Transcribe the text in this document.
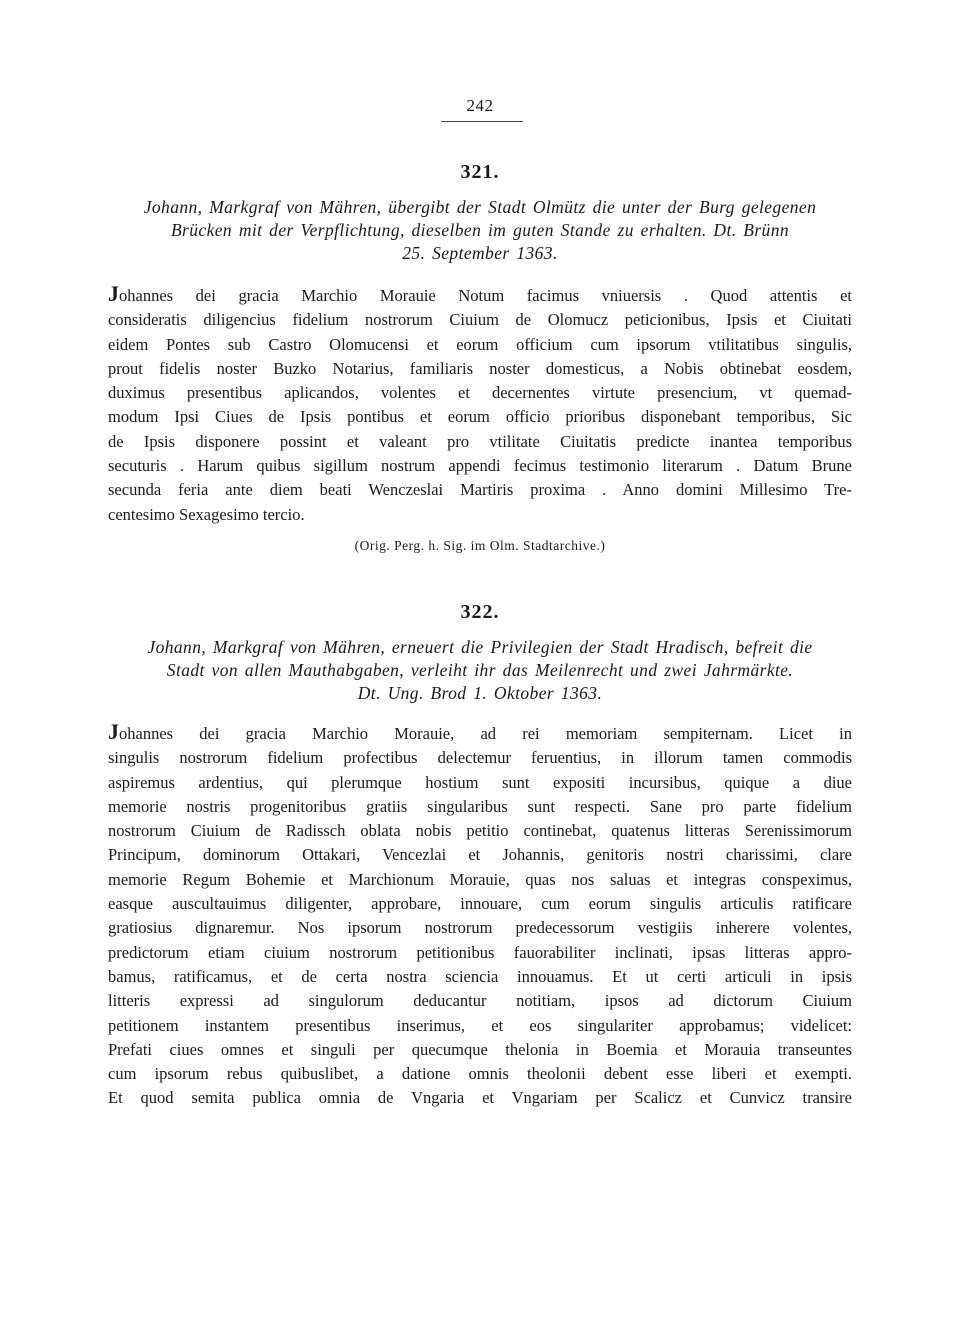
242
321.
Johann, Markgraf von Mähren, übergibt der Stadt Olmütz die unter der Burg gelegenen
Brücken mit der Verpflichtung, dieselben im guten Stande zu erhalten. Dt. Brünn
25. September 1363.
Johannes dei gracia Marchio Morauie Notum facimus vniuersis . Quod attentis et
consideratis diligencius fidelium nostrorum Ciuium de Olomucz peticionibus, Ipsis et Ciuitati
eidem Pontes sub Castro Olomucensi et eorum officium cum ipsorum vtilitatibus singulis,
prout fidelis noster Buzko Notarius, familiaris noster domesticus, a Nobis obtinebat eosdem,
duximus presentibus aplicandos, volentes et decernentes virtute presencium, vt quemad-
modum Ipsi Ciues de Ipsis pontibus et eorum officio prioribus disponebant temporibus, Sic
de Ipsis disponere possint et valeant pro vtilitate Ciuitatis predicte inantea temporibus
secuturis . Harum quibus sigillum nostrum appendi fecimus testimonio literarum . Datum Brune
secunda feria ante diem beati Wenczeslai Martiris proxima . Anno domini Millesimo Tre-
centesimo Sexagesimo tercio.
(Orig. Perg. h. Sig. im Olm. Stadtarchive.)
322.
Johann, Markgraf von Mähren, erneuert die Privilegien der Stadt Hradisch, befreit die
Stadt von allen Mauthabgaben, verleiht ihr das Meilenrecht und zwei Jahrmärkte.
Dt. Ung. Brod 1. Oktober 1363.
Johannes dei gracia Marchio Morauie, ad rei memoriam sempiternam. Licet in
singulis nostrorum fidelium profectibus delectemur feruentius, in illorum tamen commodis
aspiremus ardentius, qui plerumque hostium sunt expositi incursibus, quique a diue
memorie nostris progenitoribus gratiis singularibus sunt respecti. Sane pro parte fidelium
nostrorum Ciuium de Radissch oblata nobis petitio continebat, quatenus litteras Serenissimorum
Principum, dominorum Ottakari, Vencezlai et Johannis, genitoris nostri charissimi, clare
memorie Regum Bohemie et Marchionum Morauie, quas nos saluas et integras conspeximus,
easque auscultauimus diligenter, approbare, innouare, cum eorum singulis articulis ratificare
gratiosius dignaremur. Nos ipsorum nostrorum predecessorum vestigiis inherere volentes,
predictorum etiam ciuium nostrorum petitionibus fauorabiliter inclinati, ipsas litteras appro-
bamus, ratificamus, et de certa nostra sciencia innouamus. Et ut certi articuli in ipsis
litteris expressi ad singulorum deducantur notitiam, ipsos ad dictorum Ciuium
petitionem instantem presentibus inserimus, et eos singulariter approbamus; videlicet:
Prefati ciues omnes et singuli per quecumque thelonia in Boemia et Morauia transeuntes
cum ipsorum rebus quibuslibet, a datione omnis theolonii debent esse liberi et exempti.
Et quod semita publica omnia de Vngaria et Vngariam per Scalicz et Cunvicz transire
